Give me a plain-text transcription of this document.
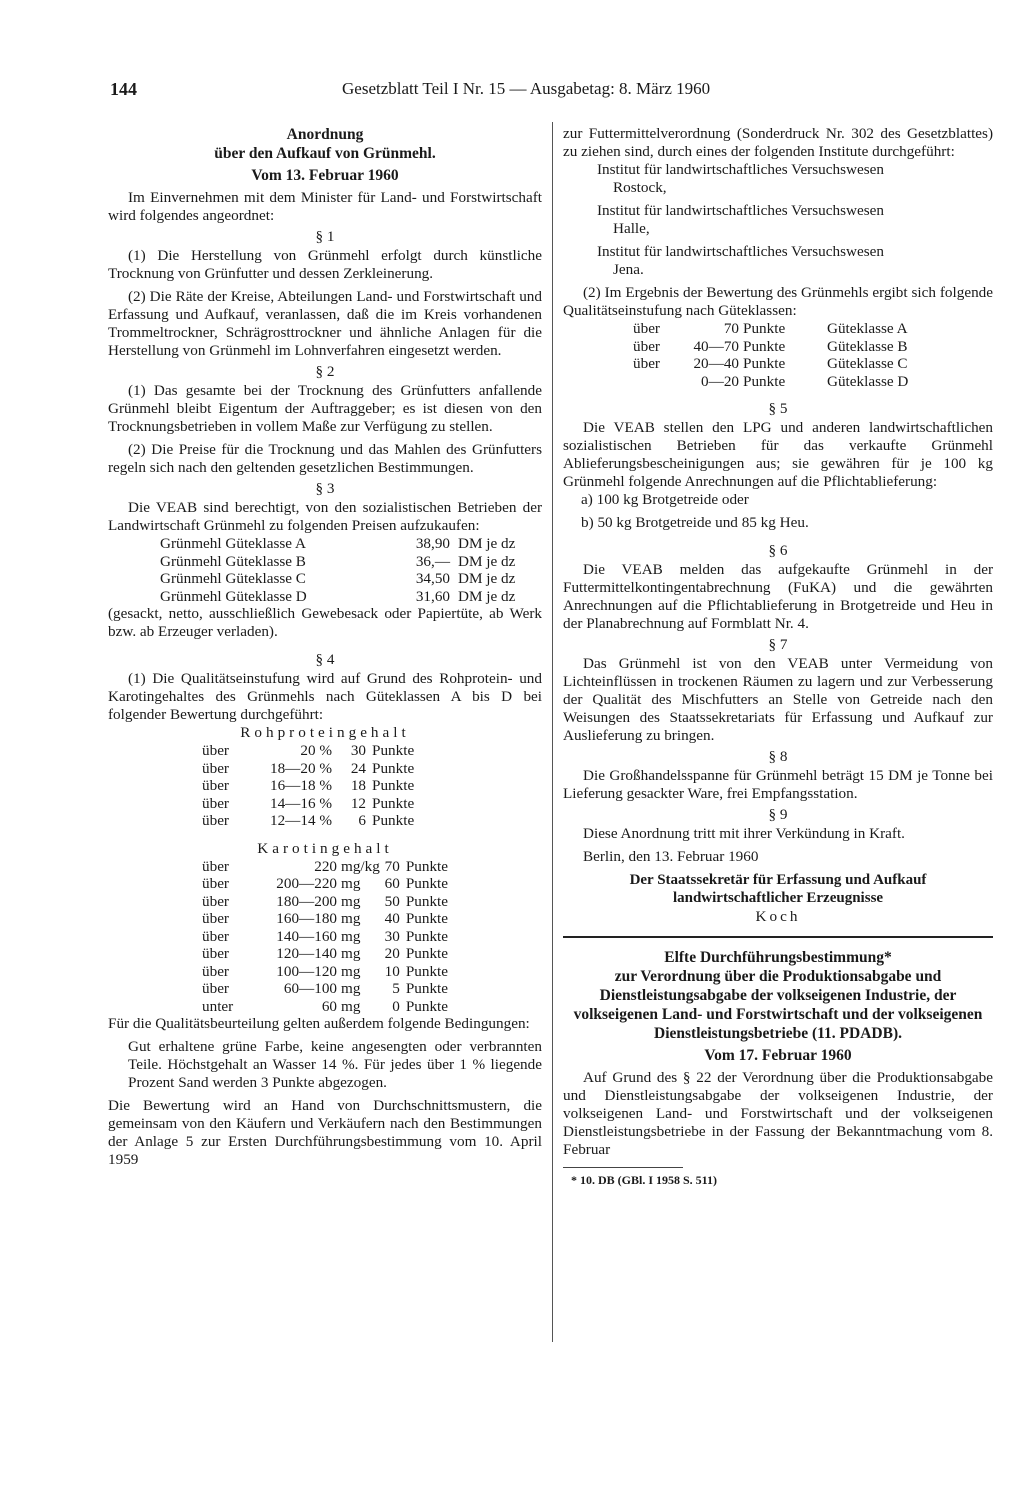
144	Gesetzblatt Teil I Nr. 15 — Ausgabetag: 8. März 1960

Anordnung

über den Aufkauf von Grünmehl.

Vom 13. Februar 1960

Im Einvernehmen mit dem Minister für Land- und Forstwirtschaft wird folgendes angeordnet:

§ 1

(1) Die Herstellung von Grünmehl erfolgt durch künstliche Trocknung von Grünfutter und dessen Zerkleinerung.

(2) Die Räte der Kreise, Abteilungen Land- und Forstwirtschaft und Erfassung und Aufkauf, veranlassen, daß die im Kreis vorhandenen Trommeltrockner, Schrägrosttrockner und ähnliche Anlagen für die Herstellung von Grünmehl im Lohnverfahren eingesetzt werden.

§ 2

(1) Das gesamte bei der Trocknung des Grünfutters anfallende Grünmehl bleibt Eigentum der Auftraggeber; es ist diesen von den Trocknungsbetrieben in vollem Maße zur Verfügung zu stellen.

(2) Die Preise für die Trocknung und das Mahlen des Grünfutters regeln sich nach den geltenden gesetzlichen Bestimmungen.

§ 3

Die VEAB sind berechtigt, von den sozialistischen Betrieben der Landwirtschaft Grünmehl zu folgenden Preisen aufzukaufen:

Grünmehl Güteklasse A	38,90	DM je dz
Grünmehl Güteklasse B	36,—	DM je dz
Grünmehl Güteklasse C	34,50	DM je dz
Grünmehl Güteklasse D	31,60	DM je dz

(gesackt, netto, ausschließlich Gewebesack oder Papiertüte, ab Werk bzw. ab Erzeuger verladen).

§ 4

(1) Die Qualitätseinstufung wird auf Grund des Rohprotein- und Karotingehaltes des Grünmehls nach Güteklassen A bis D bei folgender Bewertung durchgeführt:

Rohproteingehalt

über	20 %	30	Punkte
über	18—20 %	24	Punkte
über	16—18 %	18	Punkte
über	14—16 %	12	Punkte
über	12—14 %	6	Punkte

Karotingehalt

über	220	mg/kg	70	Punkte
über	200—220	mg	60	Punkte
über	180—200	mg	50	Punkte
über	160—180	mg	40	Punkte
über	140—160	mg	30	Punkte
über	120—140	mg	20	Punkte
über	100—120	mg	10	Punkte
über	60—100	mg	5	Punkte
unter	60	mg	0	Punkte

Für die Qualitätsbeurteilung gelten außerdem folgende Bedingungen:

Gut erhaltene grüne Farbe, keine angesengten oder verbrannten Teile. Höchstgehalt an Wasser 14 %. Für jedes über 1 % liegende Prozent Sand werden 3 Punkte abgezogen.

Die Bewertung wird an Hand von Durchschnittsmustern, die gemeinsam von den Käufern und Verkäufern nach den Bestimmungen der Anlage 5 zur Ersten Durchführungsbestimmung vom 10. April 1959

zur Futtermittelverordnung (Sonderdruck Nr. 302 des Gesetzblattes) zu ziehen sind, durch eines der folgenden Institute durchgeführt:

Institut für landwirtschaftliches Versuchswesen

Rostock,

Institut für landwirtschaftliches Versuchswesen

Halle,

Institut für landwirtschaftliches Versuchswesen

Jena.

(2) Im Ergebnis der Bewertung des Grünmehls ergibt sich folgende Qualitätseinstufung nach Güteklassen:

über	70	Punkte	Güteklasse A
über	40—70	Punkte	Güteklasse B
über	20—40	Punkte	Güteklasse C
	0—20	Punkte	Güteklasse D

§ 5

Die VEAB stellen den LPG und anderen landwirtschaftlichen sozialistischen Betrieben für das verkaufte Grünmehl Ablieferungsbescheinigungen aus; sie gewähren für je 100 kg Grünmehl folgende Anrechnungen auf die Pflichtablieferung:

a) 100 kg Brotgetreide oder

b) 50 kg Brotgetreide und 85 kg Heu.

§ 6

Die VEAB melden das aufgekaufte Grünmehl in der Futtermittelkontingentabrechnung (FuKA) und die gewährten Anrechnungen auf die Pflichtablieferung in Brotgetreide und Heu in der Planabrechnung auf Formblatt Nr. 4.

§ 7

Das Grünmehl ist von den VEAB unter Vermeidung von Lichteinflüssen in trockenen Räumen zu lagern und zur Verbesserung der Qualität des Mischfutters an Stelle von Getreide nach den Weisungen des Staatssekretariats für Erfassung und Aufkauf zur Auslieferung zu bringen.

§ 8

Die Großhandelsspanne für Grünmehl beträgt 15 DM je Tonne bei Lieferung gesackter Ware, frei Empfangsstation.

§ 9

Diese Anordnung tritt mit ihrer Verkündung in Kraft.

Berlin, den 13. Februar 1960

Der Staatssekretär für Erfassung und Aufkauf landwirtschaftlicher Erzeugnisse

Koch

Elfte Durchführungsbestimmung*

zur Verordnung über die Produktionsabgabe und Dienstleistungsabgabe der volkseigenen Industrie, der volkseigenen Land- und Forstwirtschaft und der volkseigenen Dienstleistungsbetriebe (11. PDADB).

Vom 17. Februar 1960

Auf Grund des § 22 der Verordnung über die Produktionsabgabe und Dienstleistungsabgabe der volkseigenen Industrie, der volkseigenen Land- und Forstwirtschaft und der volkseigenen Dienstleistungsbetriebe in der Fassung der Bekanntmachung vom 8. Februar

* 10. DB (GBl. I 1958 S. 511)
